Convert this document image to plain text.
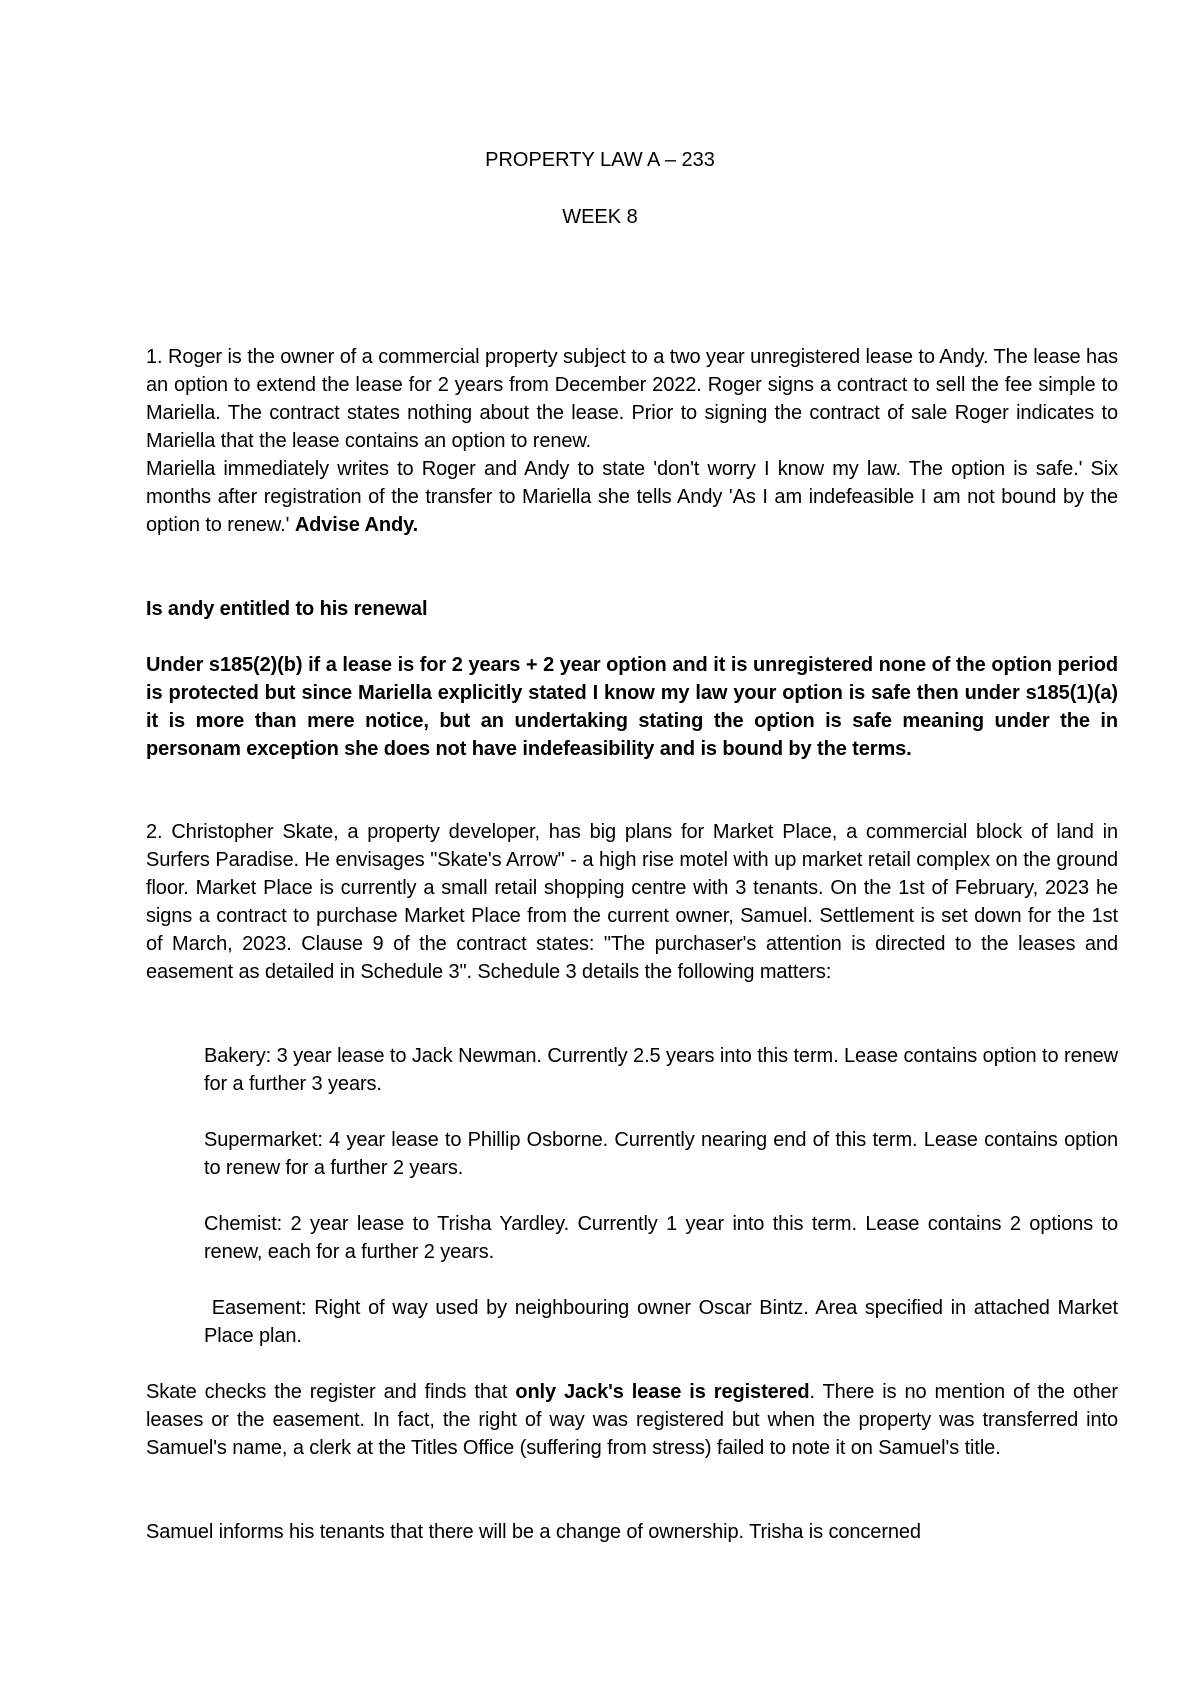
PROPERTY LAW A – 233
WEEK 8

1. Roger is the owner of a commercial property subject to a two year unregistered lease to Andy. The lease has an option to extend the lease for 2 years from December 2022. Roger signs a contract to sell the fee simple to Mariella. The contract states nothing about the lease. Prior to signing the contract of sale Roger indicates to Mariella that the lease contains an option to renew.

Mariella immediately writes to Roger and Andy to state 'don't worry I know my law. The option is safe.' Six months after registration of the transfer to Mariella she tells Andy 'As I am indefeasible I am not bound by the option to renew.' Advise Andy.

Is andy entitled to his renewal
Under s185(2)(b) if a lease is for 2 years + 2 year option and it is unregistered none of the option period is protected but since Mariella explicitly stated I know my law your option is safe then under s185(1)(a) it is more than mere notice, but an undertaking stating the option is safe meaning under the in personam exception she does not have indefeasibility and is bound by the terms.
2. Christopher Skate, a property developer, has big plans for Market Place, a commercial block of land in Surfers Paradise. He envisages "Skate's Arrow" - a high rise motel with up market retail complex on the ground floor. Market Place is currently a small retail shopping centre with 3 tenants. On the 1st of February, 2023 he signs a contract to purchase Market Place from the current owner, Samuel. Settlement is set down for the 1st of March, 2023. Clause 9 of the contract states: "The purchaser's attention is directed to the leases and easement as detailed in Schedule 3". Schedule 3 details the following matters:
Bakery: 3 year lease to Jack Newman. Currently 2.5 years into this term. Lease contains option to renew for a further 3 years.
Supermarket: 4 year lease to Phillip Osborne. Currently nearing end of this term. Lease contains option to renew for a further 2 years.
Chemist: 2 year lease to Trisha Yardley. Currently 1 year into this term. Lease contains 2 options to renew, each for a further 2 years.
Easement: Right of way used by neighbouring owner Oscar Bintz. Area specified in attached Market Place plan.
Skate checks the register and finds that only Jack's lease is registered. There is no mention of the other leases or the easement. In fact, the right of way was registered but when the property was transferred into Samuel's name, a clerk at the Titles Office (suffering from stress) failed to note it on Samuel's title.
Samuel informs his tenants that there will be a change of ownership. Trisha is concerned
